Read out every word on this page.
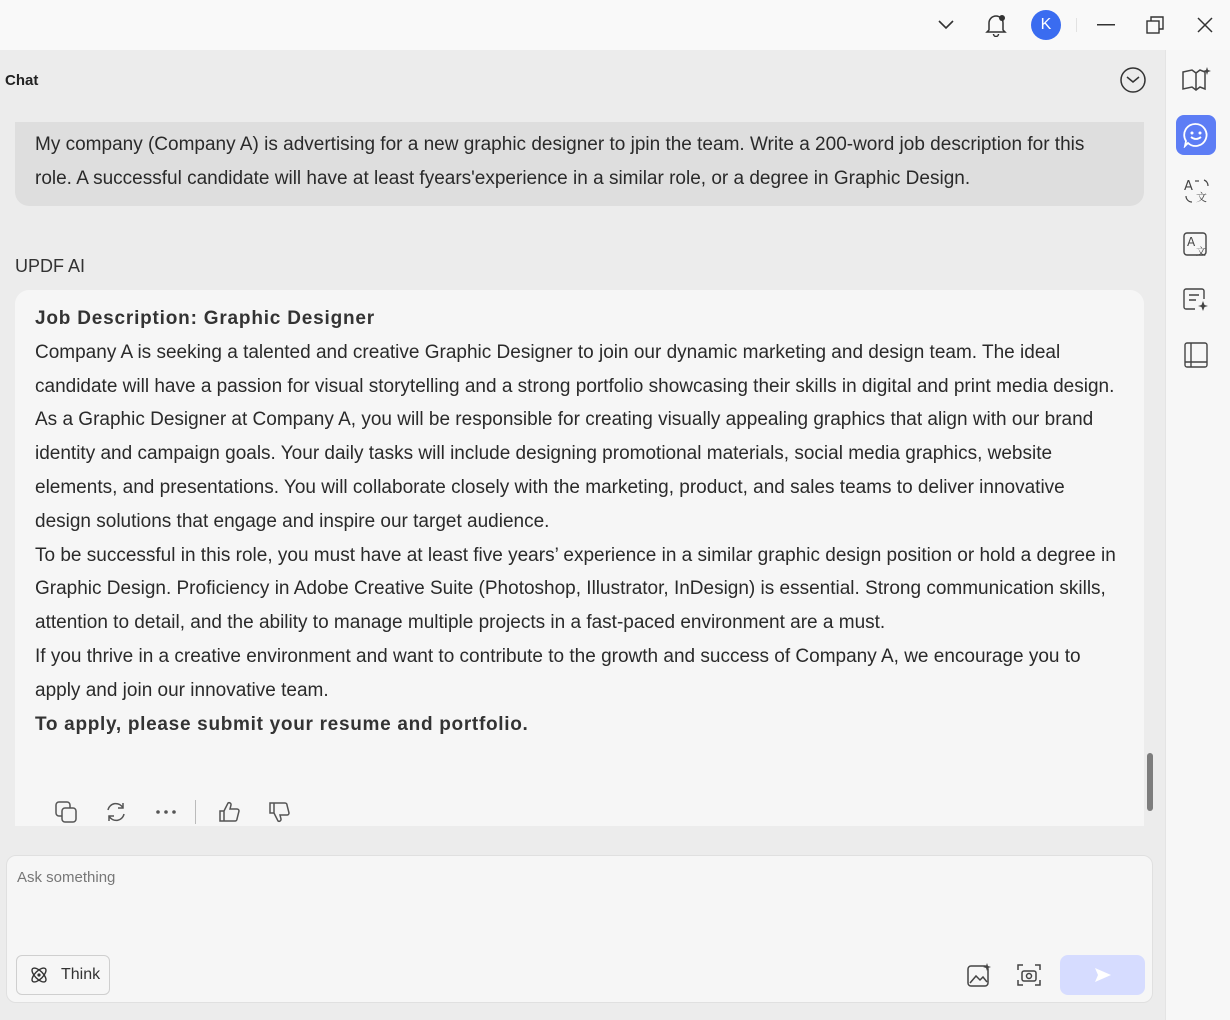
K
Chat
My company (Company A) is advertising for a new graphic designer to jpin the team. Write a 200-word job description for this role. A successful candidate will have at least fyears'experience in a similar role, or a degree in Graphic Design.
UPDF AI
Job Description: Graphic Designer
Company A is seeking a talented and creative Graphic Designer to join our dynamic marketing and design team. The ideal candidate will have a passion for visual storytelling and a strong portfolio showcasing their skills in digital and print media design.
As a Graphic Designer at Company A, you will be responsible for creating visually appealing graphics that align with our brand identity and campaign goals. Your daily tasks will include designing promotional materials, social media graphics, website elements, and presentations. You will collaborate closely with the marketing, product, and sales teams to deliver innovative design solutions that engage and inspire our target audience.
To be successful in this role, you must have at least five years’ experience in a similar graphic design position or hold a degree in Graphic Design. Proficiency in Adobe Creative Suite (Photoshop, Illustrator, InDesign) is essential. Strong communication skills, attention to detail, and the ability to manage multiple projects in a fast-paced environment are a must.
If you thrive in a creative environment and want to contribute to the growth and success of Company A, we encourage you to apply and join our innovative team.
To apply, please submit your resume and portfolio.
Ask something
Think
A
文
A
文
